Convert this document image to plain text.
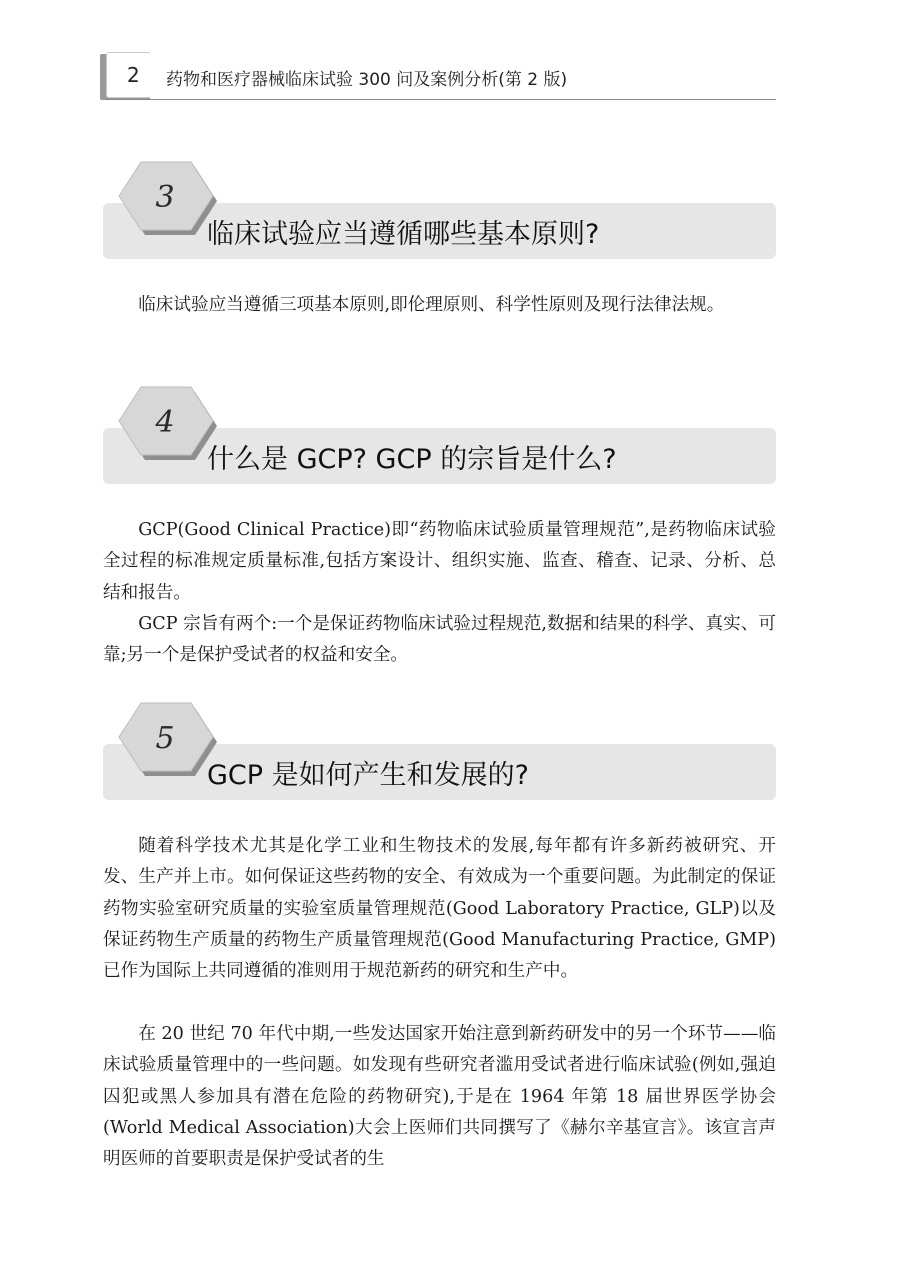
2 药物和医疗器械临床试验 300 问及案例分析(第 2 版)
3
临床试验应当遵循哪些基本原则?

临床试验应当遵循三项基本原则,即伦理原则、科学性原则及现行法律法规。

4
什么是 GCP? GCP 的宗旨是什么?

GCP(Good Clinical Practice)即“药物临床试验质量管理规范”,是药物临床试验全过程的标准规定质量标准,包括方案设计、组织实施、监查、稽查、记录、分析、总结和报告。

GCP 宗旨有两个:一个是保证药物临床试验过程规范,数据和结果的科学、真实、可靠;另一个是保护受试者的权益和安全。

5
GCP 是如何产生和发展的?

随着科学技术尤其是化学工业和生物技术的发展,每年都有许多新药被研究、开发、生产并上市。如何保证这些药物的安全、有效成为一个重要问题。为此制定的保证药物实验室研究质量的实验室质量管理规范(Good Laboratory Practice, GLP)以及保证药物生产质量的药物生产质量管理规范(Good Manufacturing Practice, GMP)已作为国际上共同遵循的准则用于规范新药的研究和生产中。

在 20 世纪 70 年代中期,一些发达国家开始注意到新药研发中的另一个环节——临床试验质量管理中的一些问题。如发现有些研究者滥用受试者进行临床试验(例如,强迫囚犯或黑人参加具有潜在危险的药物研究),于是在 1964 年第 18 届世界医学协会(World Medical Association)大会上医师们共同撰写了《赫尔辛基宣言》。该宣言声明医师的首要职责是保护受试者的生
